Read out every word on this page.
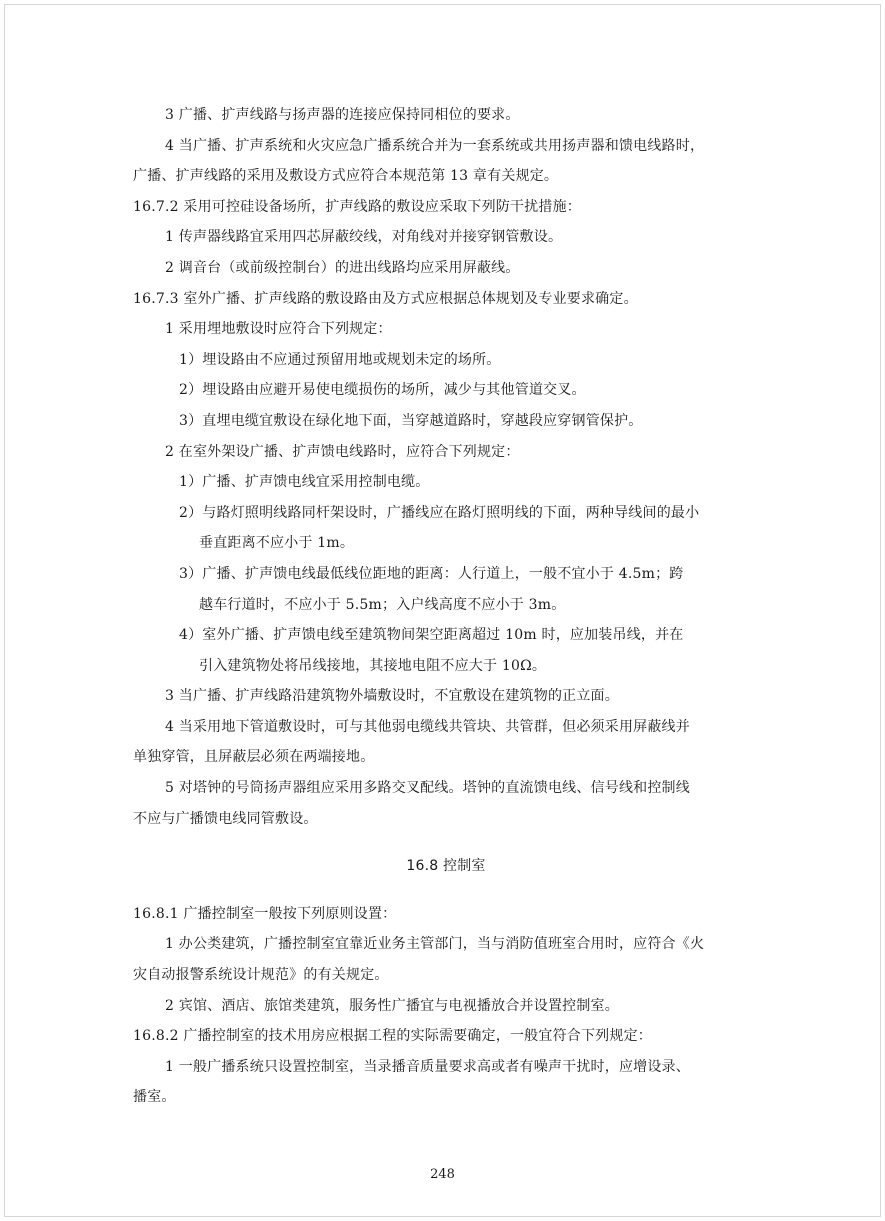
3 广播、扩声线路与扬声器的连接应保持同相位的要求。

4 当广播、扩声系统和火灾应急广播系统合并为一套系统或共用扬声器和馈电线路时，

广播、扩声线路的采用及敷设方式应符合本规范第 13 章有关规定。

16.7.2 采用可控硅设备场所，扩声线路的敷设应采取下列防干扰措施：

1 传声器线路宜采用四芯屏蔽绞线，对角线对并接穿钢管敷设。

2 调音台（或前级控制台）的进出线路均应采用屏蔽线。

16.7.3 室外广播、扩声线路的敷设路由及方式应根据总体规划及专业要求确定。

1 采用埋地敷设时应符合下列规定：

1）埋设路由不应通过预留用地或规划未定的场所。

2）埋设路由应避开易使电缆损伤的场所，减少与其他管道交叉。

3）直埋电缆宜敷设在绿化地下面，当穿越道路时，穿越段应穿钢管保护。

2 在室外架设广播、扩声馈电线路时，应符合下列规定：

1）广播、扩声馈电线宜采用控制电缆。

2）与路灯照明线路同杆架设时，广播线应在路灯照明线的下面，两种导线间的最小

垂直距离不应小于 1m。

3）广播、扩声馈电线最低线位距地的距离：人行道上，一般不宜小于 4.5m；跨

越车行道时，不应小于 5.5m；入户线高度不应小于 3m。

4）室外广播、扩声馈电线至建筑物间架空距离超过 10m 时，应加装吊线，并在

引入建筑物处将吊线接地，其接地电阻不应大于 10Ω。

3 当广播、扩声线路沿建筑物外墙敷设时，不宜敷设在建筑物的正立面。

4 当采用地下管道敷设时，可与其他弱电缆线共管块、共管群，但必须采用屏蔽线并

单独穿管，且屏蔽层必须在两端接地。

5 对塔钟的号筒扬声器组应采用多路交叉配线。塔钟的直流馈电线、信号线和控制线

不应与广播馈电线同管敷设。

16.8 控制室

16.8.1 广播控制室一般按下列原则设置：

1 办公类建筑，广播控制室宜靠近业务主管部门，当与消防值班室合用时，应符合《火

灾自动报警系统设计规范》的有关规定。

2 宾馆、酒店、旅馆类建筑，服务性广播宜与电视播放合并设置控制室。

16.8.2 广播控制室的技术用房应根据工程的实际需要确定，一般宜符合下列规定：

1 一般广播系统只设置控制室，当录播音质量要求高或者有噪声干扰时，应增设录、

播室。

248
